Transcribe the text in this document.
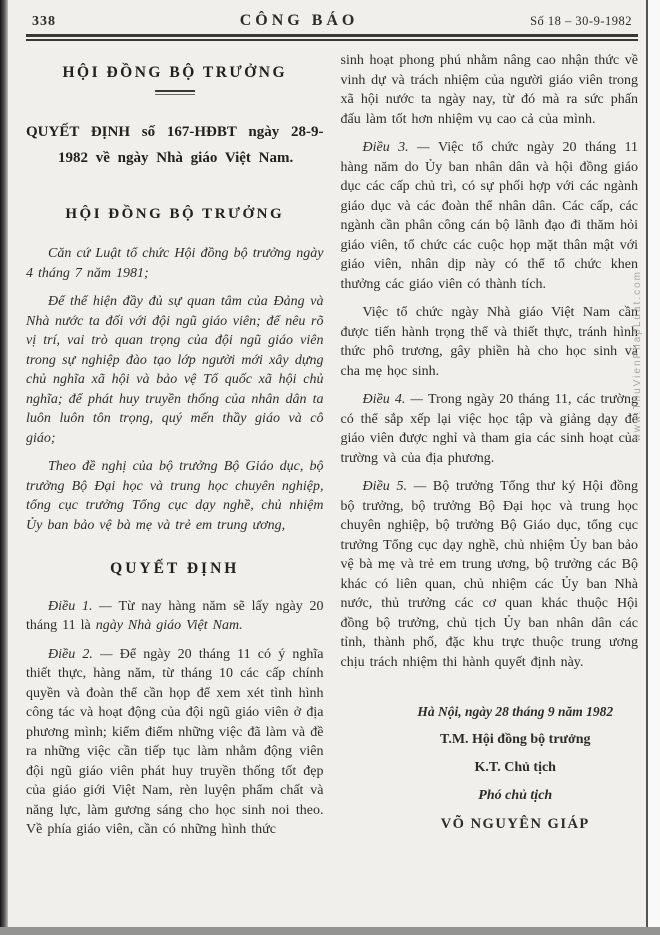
www.ThuVienPhapLuat.com
338	CÔNG BÁO	Số 18 – 30-9-1982
HỘI ĐỒNG BỘ TRƯỞNG
QUYẾT ĐỊNH số 167-HĐBT ngày 28-9-1982 về ngày Nhà giáo Việt Nam.
HỘI ĐỒNG BỘ TRƯỞNG

Căn cứ Luật tổ chức Hội đồng bộ trưởng ngày 4 tháng 7 năm 1981;

Để thể hiện đầy đủ sự quan tâm của Đảng và Nhà nước ta đối với đội ngũ giáo viên; để nêu rõ vị trí, vai trò quan trọng của đội ngũ giáo viên trong sự nghiệp đào tạo lớp người mới xây dựng chủ nghĩa xã hội và bảo vệ Tổ quốc xã hội chủ nghĩa; để phát huy truyền thống của nhân dân ta luôn luôn tôn trọng, quý mến thầy giáo và cô giáo;

Theo đề nghị của bộ trưởng Bộ Giáo dục, bộ trưởng Bộ Đại học và trung học chuyên nghiệp, tổng cục trưởng Tổng cục dạy nghề, chủ nhiệm Ủy ban bảo vệ bà mẹ và trẻ em trung ương,

QUYẾT ĐỊNH

Điều 1. — Từ nay hàng năm sẽ lấy ngày 20 tháng 11 là ngày Nhà giáo Việt Nam.

Điều 2. — Để ngày 20 tháng 11 có ý nghĩa thiết thực, hàng năm, từ tháng 10 các cấp chính quyền và đoàn thể cần họp để xem xét tình hình công tác và hoạt động của đội ngũ giáo viên ở địa phương mình; kiểm điểm những việc đã làm và đề ra những việc cần tiếp tục làm nhằm động viên đội ngũ giáo viên phát huy truyền thống tốt đẹp của giáo giới Việt Nam, rèn luyện phẩm chất và năng lực, làm gương sáng cho học sinh noi theo. Về phía giáo viên, cần có những hình thức

sinh hoạt phong phú nhằm nâng cao nhận thức về vinh dự và trách nhiệm của người giáo viên trong xã hội nước ta ngày nay, từ đó mà ra sức phấn đấu làm tốt hơn nhiệm vụ cao cả của mình.

Điều 3. — Việc tổ chức ngày 20 tháng 11 hàng năm do Ủy ban nhân dân và hội đồng giáo dục các cấp chủ trì, có sự phối hợp với các ngành giáo dục và các đoàn thể nhân dân. Các cấp, các ngành cần phân công cán bộ lãnh đạo đi thăm hỏi giáo viên, tổ chức các cuộc họp mặt thân mật với giáo viên, nhân dịp này có thể tổ chức khen thưởng các giáo viên có thành tích.

Việc tổ chức ngày Nhà giáo Việt Nam cần được tiến hành trọng thể và thiết thực, tránh hình thức phô trương, gây phiền hà cho học sinh và cha mẹ học sinh.

Điều 4. — Trong ngày 20 tháng 11, các trường có thể sắp xếp lại việc học tập và giảng dạy để giáo viên được nghỉ và tham gia các sinh hoạt của trường và của địa phương.

Điều 5. — Bộ trưởng Tổng thư ký Hội đồng bộ trưởng, bộ trưởng Bộ Đại học và trung học chuyên nghiệp, bộ trưởng Bộ Giáo dục, tổng cục trưởng Tổng cục dạy nghề, chủ nhiệm Ủy ban bảo vệ bà mẹ và trẻ em trung ương, bộ trưởng các Bộ khác có liên quan, chủ nhiệm các Ủy ban Nhà nước, thủ trưởng các cơ quan khác thuộc Hội đồng bộ trưởng, chủ tịch Ủy ban nhân dân các tỉnh, thành phố, đặc khu trực thuộc trung ương chịu trách nhiệm thi hành quyết định này.

Hà Nội, ngày 28 tháng 9 năm 1982
T.M. Hội đồng bộ trưởng
K.T. Chủ tịch
Phó chủ tịch
VÕ NGUYÊN GIÁP
